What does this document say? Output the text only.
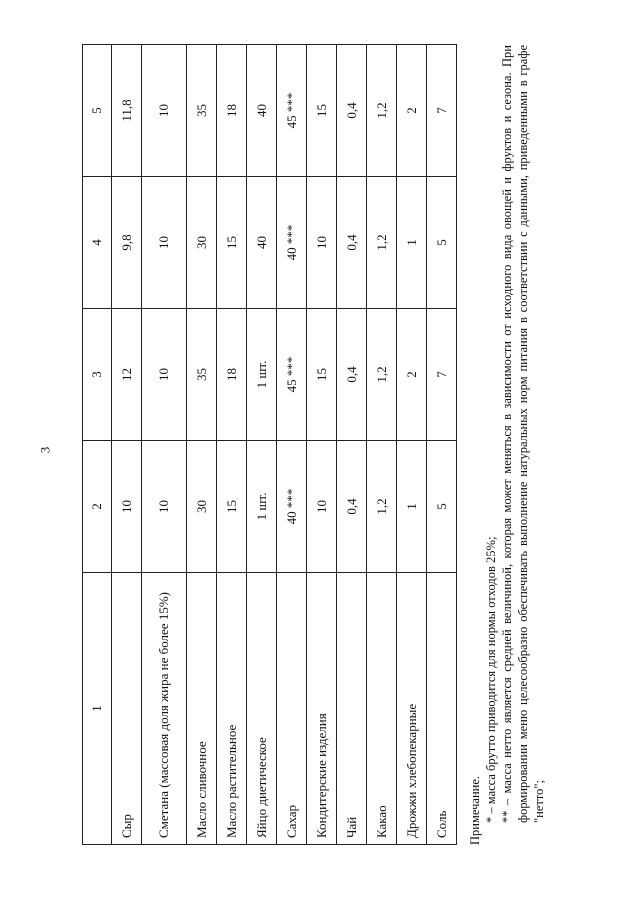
3
1	2	3	4	5
Сыр	10	12	9,8	11,8
Сметана (массовая доля жира не более 15%)	10	10	10	10
Масло сливочное	30	35	30	35
Масло растительное	15	18	15	18
Яйцо диетическое	1 шт.	1 шт.	40	40
Сахар	40 ***	45 ***	40 ***	45 ***
Кондитерские изделия	10	15	10	15
Чай	0,4	0,4	0,4	0,4
Какао	1,2	1,2	1,2	1,2
Дрожжи хлебопекарные	1	2	1	2
Соль	5	7	5	7

Примечание. * – масса брутто приводится для нормы отходов 25%; ** – масса нетто является средней величиной, которая может меняться в зависимости от исходного вида овощей и фруктов и сезона. При формировании меню целесообразно обеспечивать выполнение натуральных норм питания в соответствии с данными, приведенными в графе "нетто";
